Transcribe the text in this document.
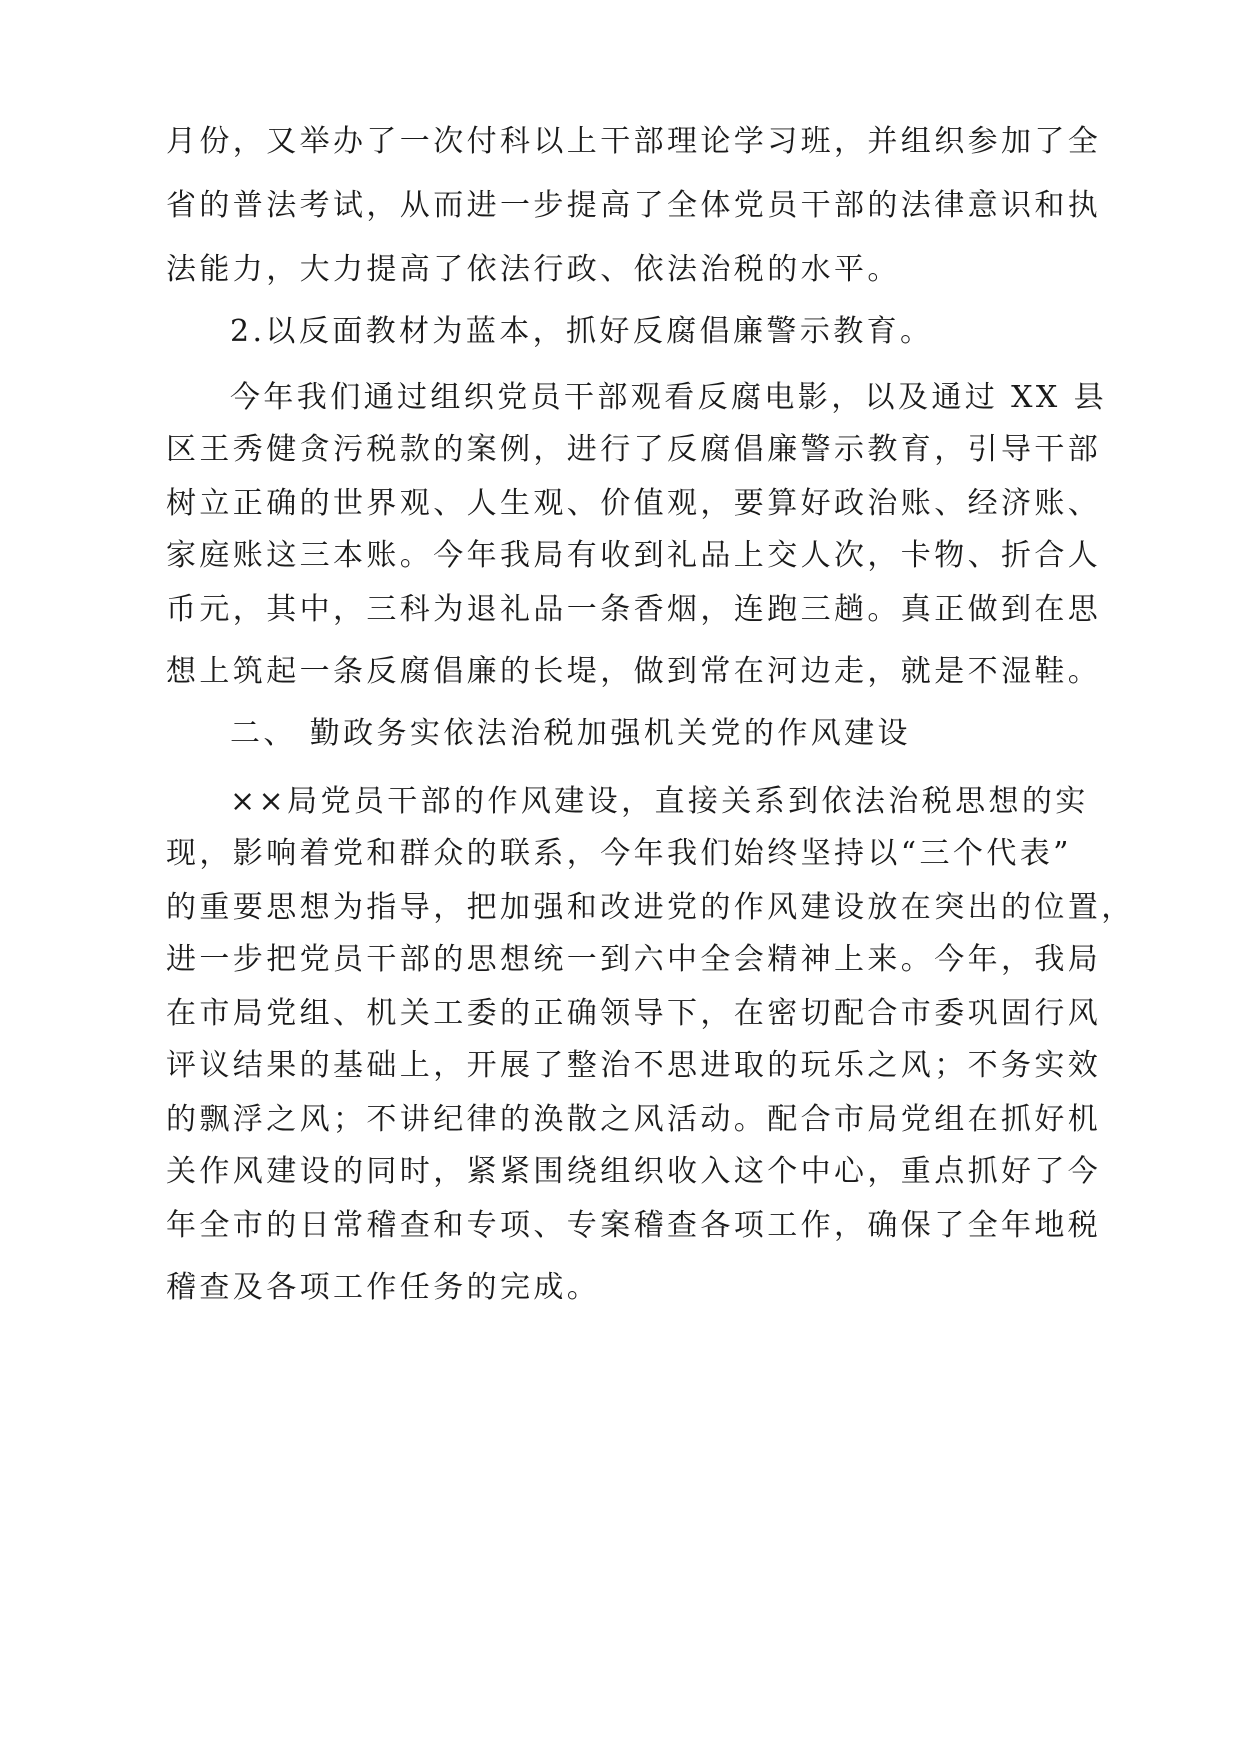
月份，又举办了一次付科以上干部理论学习班，并组织参加了全
省的普法考试，从而进一步提高了全体党员干部的法律意识和执
法能力，大力提高了依法行政、依法治税的水平。
2.以反面教材为蓝本，抓好反腐倡廉警示教育。
今年我们通过组织党员干部观看反腐电影，以及通过 XX 县
区王秀健贪污税款的案例，进行了反腐倡廉警示教育，引导干部
树立正确的世界观、人生观、价值观，要算好政治账、经济账、
家庭账这三本账。今年我局有收到礼品上交人次，卡物、折合人
币元，其中，三科为退礼品一条香烟，连跑三趟。真正做到在思
想上筑起一条反腐倡廉的长堤，做到常在河边走，就是不湿鞋。
二、 勤政务实依法治税加强机关党的作风建设
××局党员干部的作风建设，直接关系到依法治税思想的实
现，影响着党和群众的联系，今年我们始终坚持以“三个代表”
的重要思想为指导，把加强和改进党的作风建设放在突出的位置，
进一步把党员干部的思想统一到六中全会精神上来。今年，我局
在市局党组、机关工委的正确领导下，在密切配合市委巩固行风
评议结果的基础上，开展了整治不思进取的玩乐之风；不务实效
的飘浮之风；不讲纪律的涣散之风活动。配合市局党组在抓好机
关作风建设的同时，紧紧围绕组织收入这个中心，重点抓好了今
年全市的日常稽查和专项、专案稽查各项工作，确保了全年地税
稽查及各项工作任务的完成。
